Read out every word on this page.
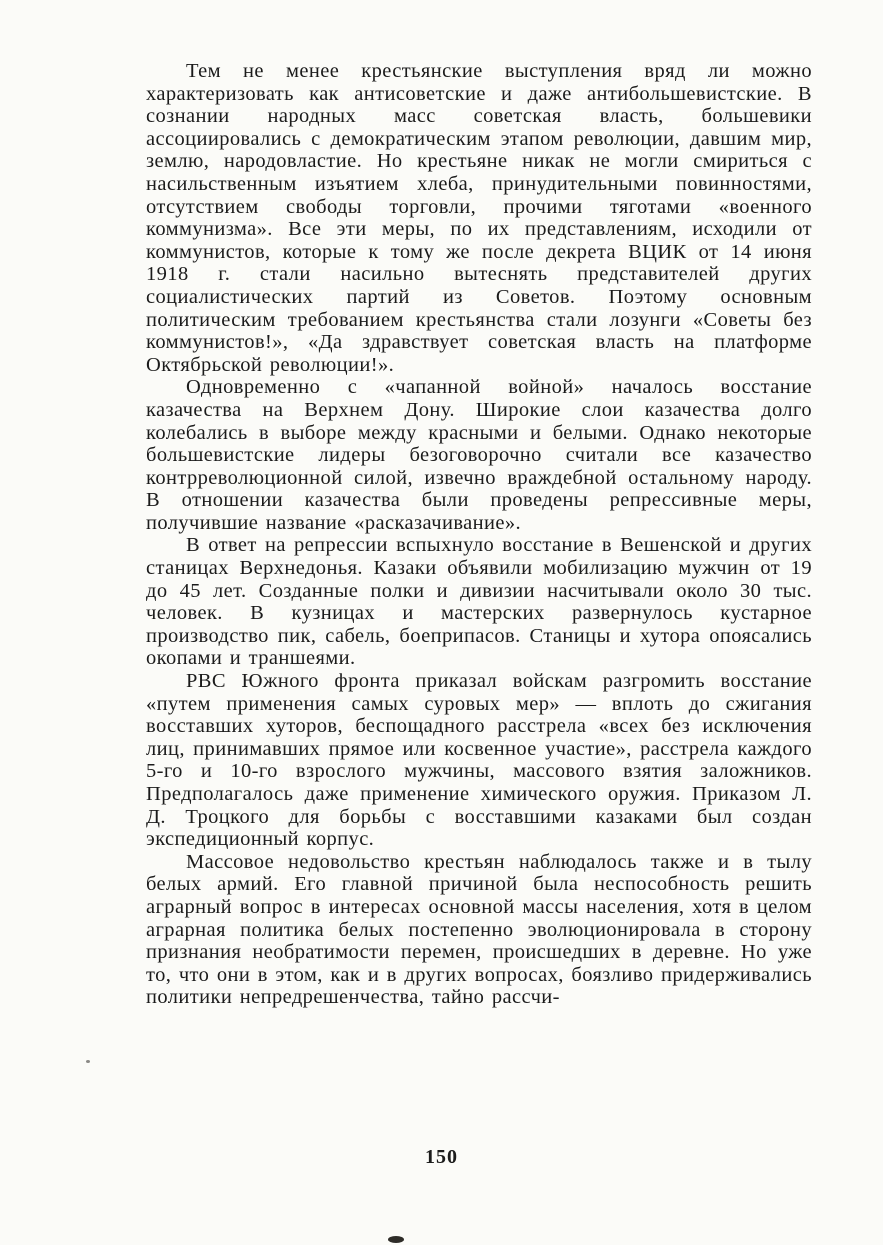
Тем не менее крестьянские выступления вряд ли можно характеризовать как антисоветские и даже антибольшевистские. В сознании народных масс советская власть, большевики ассоциировались с демократическим этапом революции, давшим мир, землю, народовластие. Но крестьяне никак не могли смириться с насильственным изъятием хлеба, принудительными повинностями, отсутствием свободы торговли, прочими тяготами «военного коммунизма». Все эти меры, по их представлениям, исходили от коммунистов, которые к тому же после декрета ВЦИК от 14 июня 1918 г. стали насильно вытеснять представителей других социалистических партий из Советов. Поэтому основным политическим требованием крестьянства стали лозунги «Советы без коммунистов!», «Да здравствует советская власть на платформе Октябрьской революции!».

Одновременно с «чапанной войной» началось восстание казачества на Верхнем Дону. Широкие слои казачества долго колебались в выборе между красными и белыми. Однако некоторые большевистские лидеры безоговорочно считали все казачество контрреволюционной силой, извечно враждебной остальному народу. В отношении казачества были проведены репрессивные меры, получившие название «расказачивание».

В ответ на репрессии вспыхнуло восстание в Вешенской и других станицах Верхнедонья. Казаки объявили мобилизацию мужчин от 19 до 45 лет. Созданные полки и дивизии насчитывали около 30 тыс. человек. В кузницах и мастерских развернулось кустарное производство пик, сабель, боеприпасов. Станицы и хутора опоясались окопами и траншеями.

РВС Южного фронта приказал войскам разгромить восстание «путем применения самых суровых мер» — вплоть до сжигания восставших хуторов, беспощадного расстрела «всех без исключения лиц, принимавших прямое или косвенное участие», расстрела каждого 5-го и 10-го взрослого мужчины, массового взятия заложников. Предполагалось даже применение химического оружия. Приказом Л. Д. Троцкого для борьбы с восставшими казаками был создан экспедиционный корпус.

Массовое недовольство крестьян наблюдалось также и в тылу белых армий. Его главной причиной была неспособность решить аграрный вопрос в интересах основной массы населения, хотя в целом аграрная политика белых постепенно эволюционировала в сторону признания необратимости перемен, происшедших в деревне. Но уже то, что они в этом, как и в других вопросах, боязливо придерживались политики непредрешенчества, тайно рассчи-

150
